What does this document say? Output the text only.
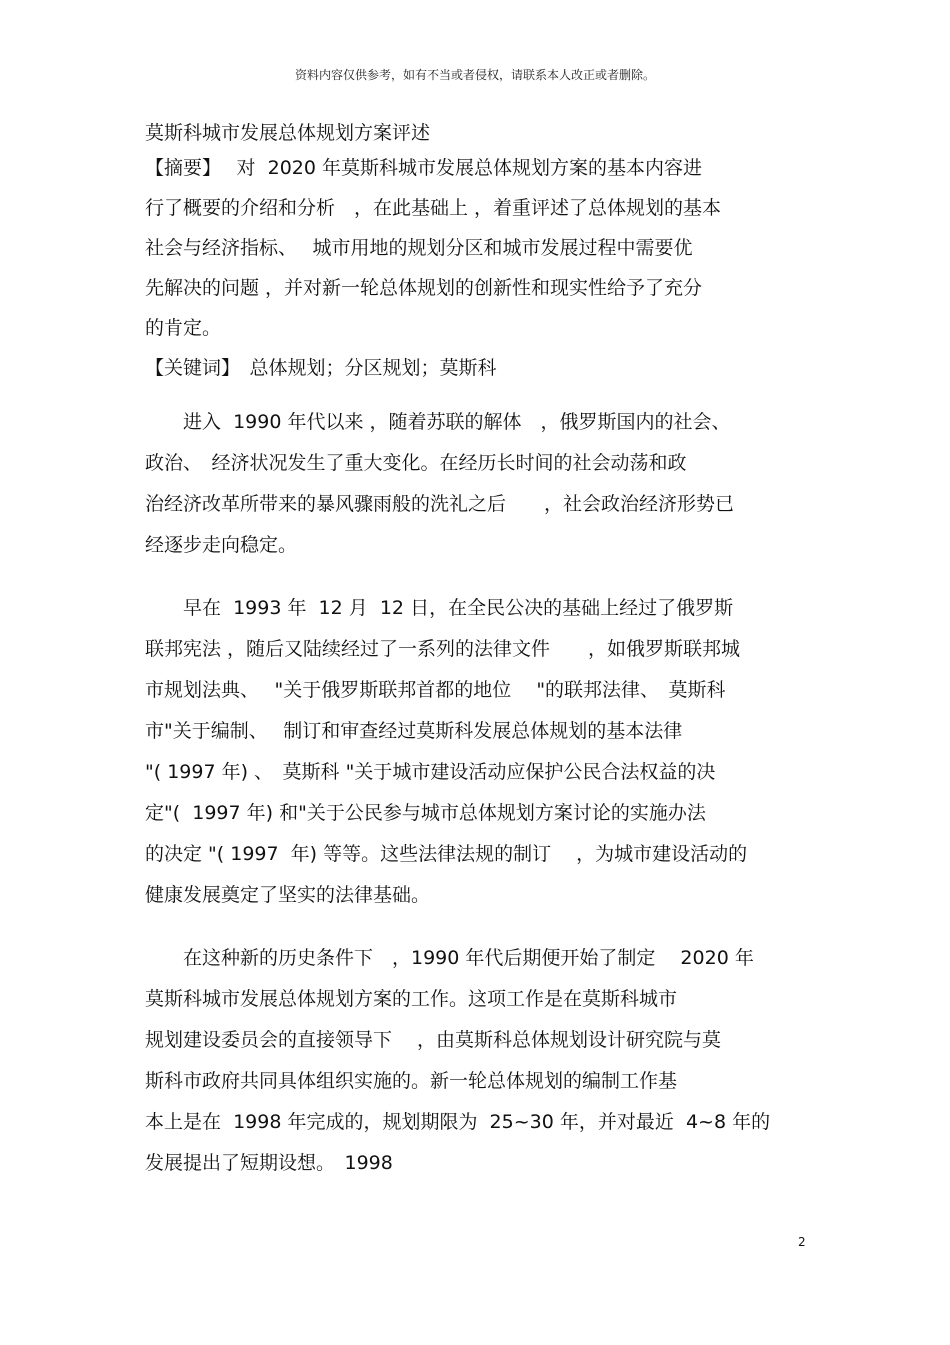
资料内容仅供参考，如有不当或者侵权，请联系本人改正或者删除。
莫斯科城市发展总体规划方案评述
【摘要】　 对  2020 年莫斯科城市发展总体规划方案的基本内容进
行了概要的介绍和分析　，在此基础上 ，着重评述了总体规划的基本
社会与经济指标、　 城市用地的规划分区和城市发展过程中需要优
先解决的问题 ，并对新一轮总体规划的创新性和现实性给予了充分
的肯定。
【关键词】　总体规划；分区规划；莫斯科
　　进入  1990 年代以来 ，随着苏联的解体　，俄罗斯国内的社会、
政治、　经济状况发生了重大变化。在经历长时间的社会动荡和政
治经济改革所带来的暴风骤雨般的洗礼之后　　，社会政治经济形势已
经逐步走向稳定。
　　早在  1993 年  12 月  12 日，在全民公决的基础上经过了俄罗斯
联邦宪法 ，随后又陆续经过了一系列的法律文件　　，如俄罗斯联邦城
市规划法典、　 "关于俄罗斯联邦首都的地位　 "的联邦法律、　莫斯科
市"关于编制、　 制订和审查经过莫斯科发展总体规划的基本法律
"( 1997 年) 、　莫斯科 "关于城市建设活动应保护公民合法权益的决
定"(  1997 年) 和"关于公民参与城市总体规划方案讨论的实施办法
的决定 "( 1997  年) 等等。这些法律法规的制订　 ，为城市建设活动的
健康发展奠定了坚实的法律基础。
　　在这种新的历史条件下　，1990 年代后期便开始了制定　 2020 年
莫斯科城市发展总体规划方案的工作。这项工作是在莫斯科城市
规划建设委员会的直接领导下　 ，由莫斯科总体规划设计研究院与莫
斯科市政府共同具体组织实施的。新一轮总体规划的编制工作基
本上是在  1998 年完成的，规划期限为  25~30 年，并对最近  4~8 年的
发展提出了短期设想。　1998
2
